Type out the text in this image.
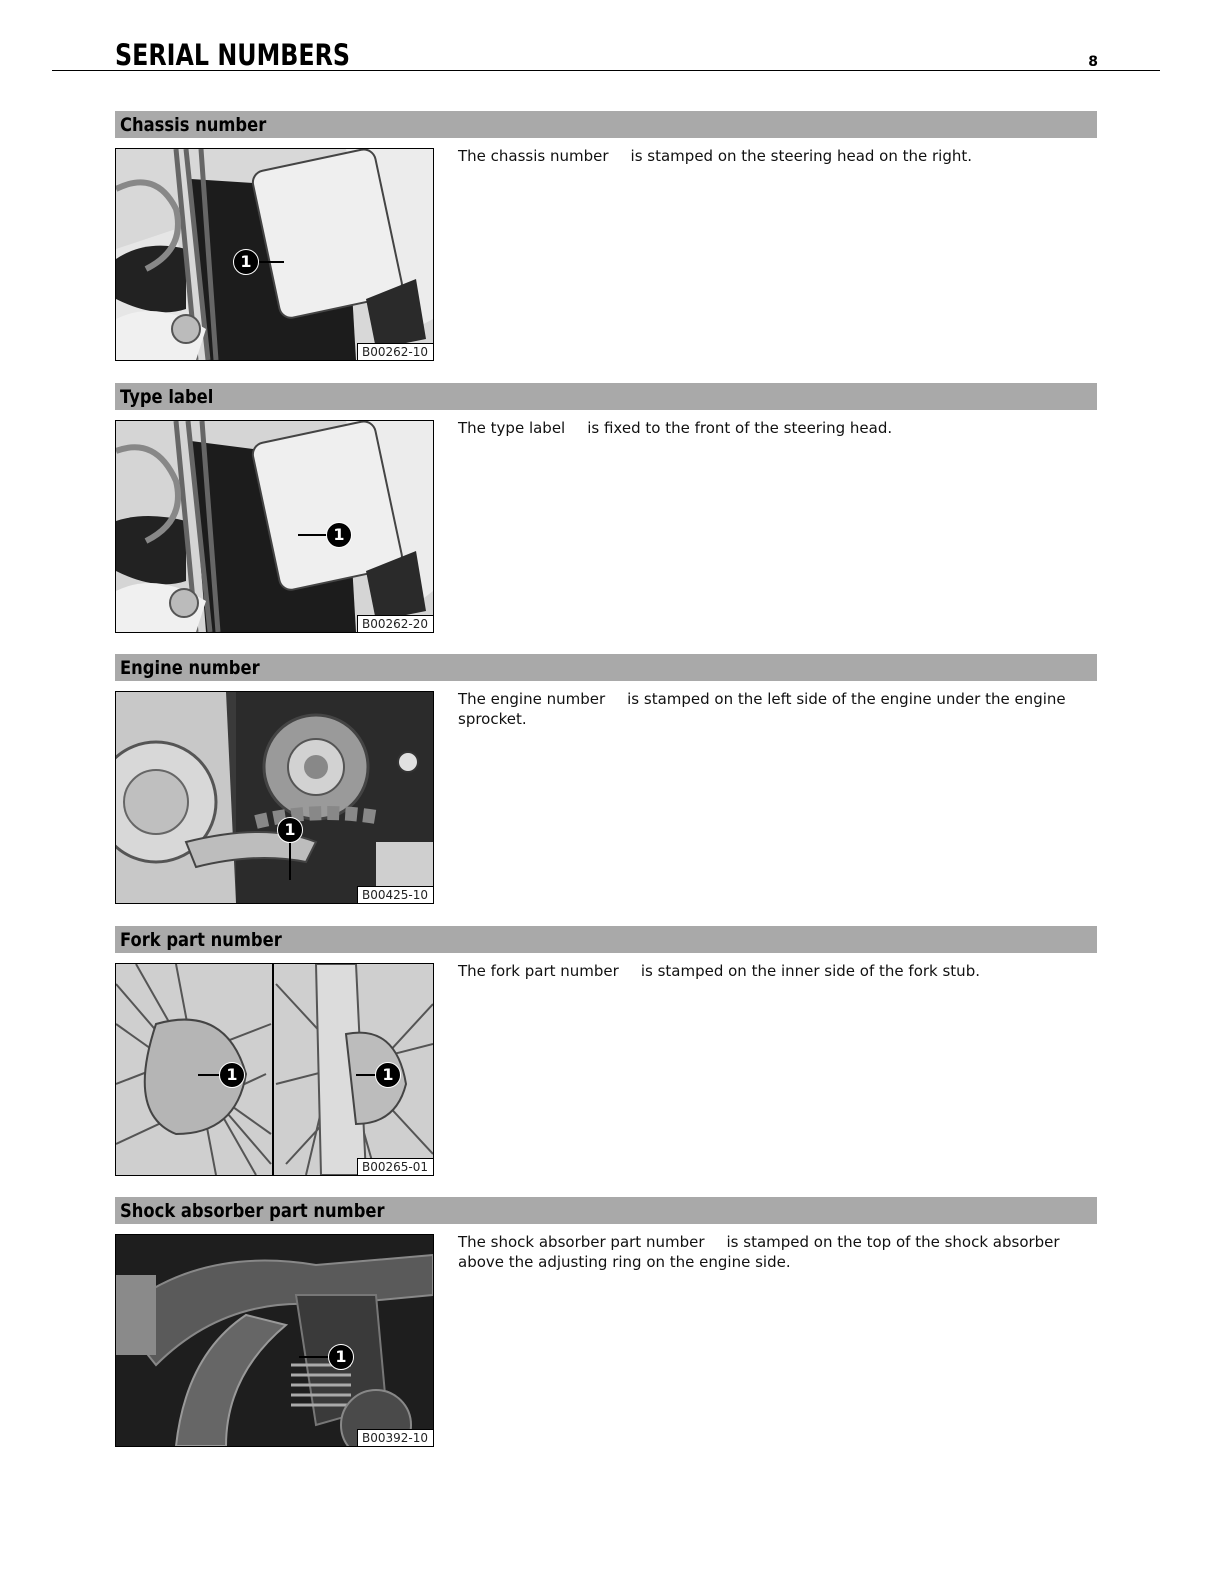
SERIAL NUMBERS	8
Chassis number
1
B00262-10
The chassis number is stamped on the steering head on the right.
Type label
1
B00262-20
The type label is fixed to the front of the steering head.
Engine number
1
B00425-10
The engine number is stamped on the left side of the engine under the engine sprocket.
Fork part number
1	1
B00265-01
The fork part number is stamped on the inner side of the fork stub.
Shock absorber part number
1
B00392-10
The shock absorber part number is stamped on the top of the shock absorber above the adjusting ring on the engine side.
